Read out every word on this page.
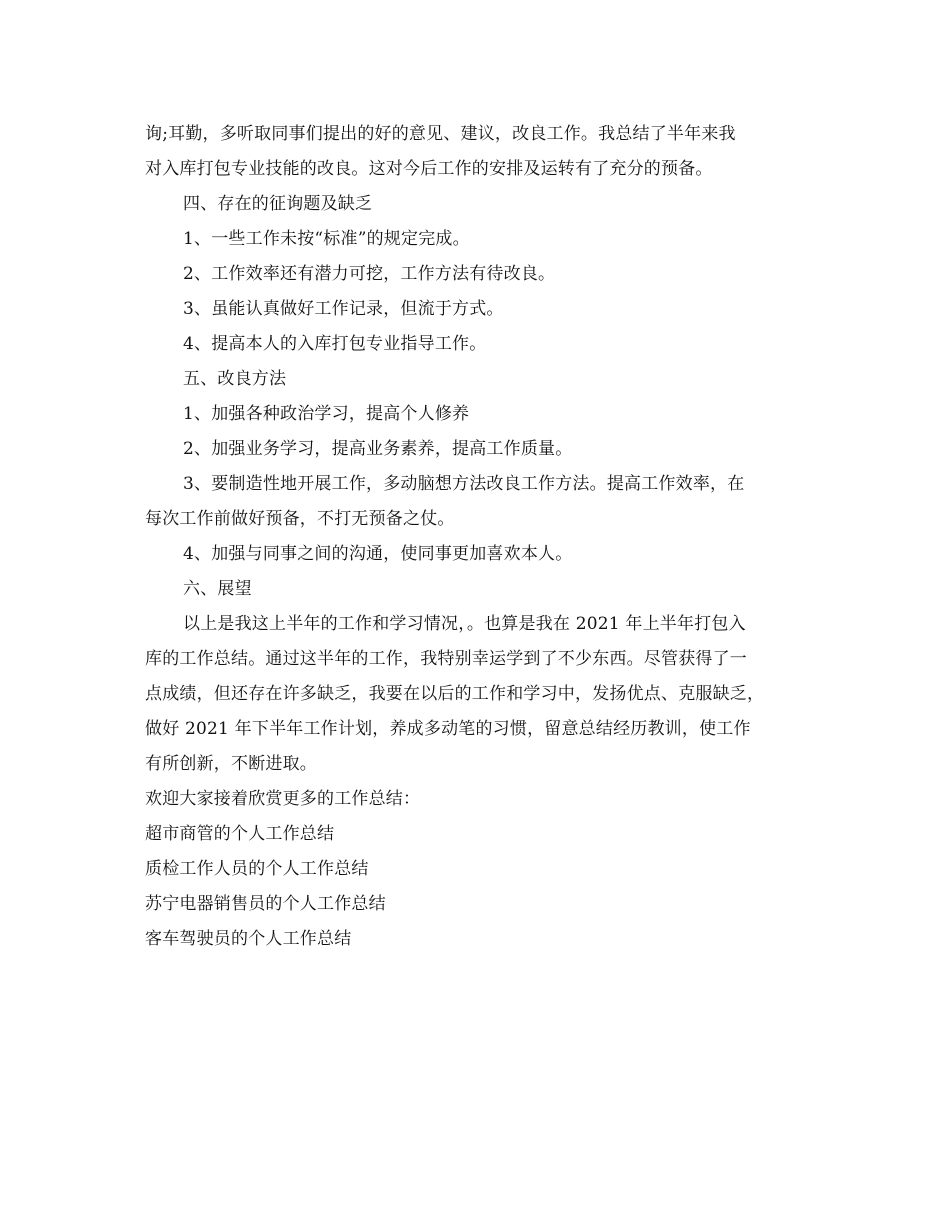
询;耳勤，多听取同事们提出的好的意见、建议，改良工作。我总结了半年来我
对入库打包专业技能的改良。这对今后工作的安排及运转有了充分的预备。
四、存在的征询题及缺乏
1、一些工作未按“标准”的规定完成。
2、工作效率还有潜力可挖，工作方法有待改良。
3、虽能认真做好工作记录，但流于方式。
4、提高本人的入库打包专业指导工作。
五、改良方法
1、加强各种政治学习，提高个人修养
2、加强业务学习，提高业务素养，提高工作质量。
3、要制造性地开展工作，多动脑想方法改良工作方法。提高工作效率，在
每次工作前做好预备，不打无预备之仗。
4、加强与同事之间的沟通，使同事更加喜欢本人。
六、展望
以上是我这上半年的工作和学习情况，。也算是我在 2021 年上半年打包入
库的工作总结。通过这半年的工作，我特别幸运学到了不少东西。尽管获得了一
点成绩，但还存在许多缺乏，我要在以后的工作和学习中，发扬优点、克服缺乏，
做好 2021 年下半年工作计划，养成多动笔的习惯，留意总结经历教训，使工作
有所创新，不断进取。
欢迎大家接着欣赏更多的工作总结：
超市商管的个人工作总结
质检工作人员的个人工作总结
苏宁电器销售员的个人工作总结
客车驾驶员的个人工作总结
